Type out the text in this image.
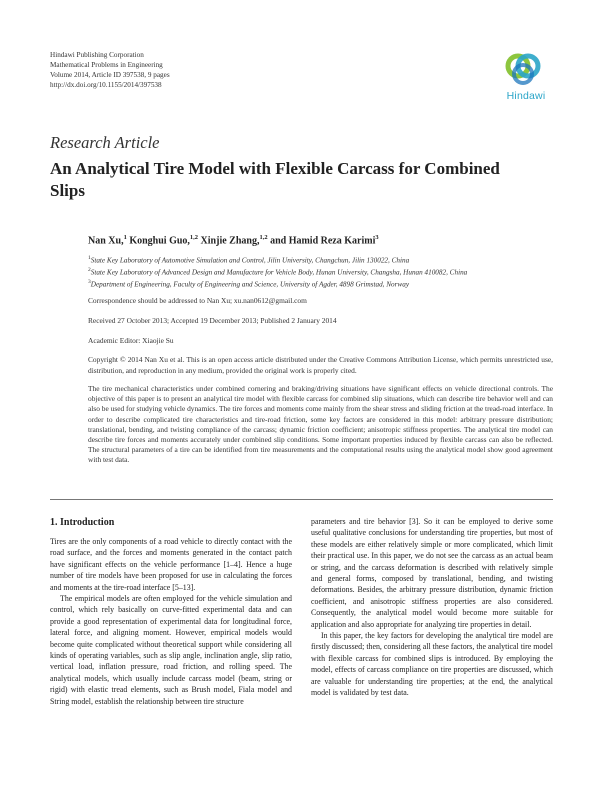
Hindawi Publishing Corporation
Mathematical Problems in Engineering
Volume 2014, Article ID 397538, 9 pages
http://dx.doi.org/10.1155/2014/397538
Hindawi
Research Article
An Analytical Tire Model with Flexible Carcass for Combined Slips
Nan Xu,$^1$ Konghui Guo,$^{1,2}$ Xinjie Zhang,$^{1,2}$ and Hamid Reza Karimi$^3$
$^1$State Key Laboratory of Automotive Simulation and Control, Jilin University, Changchun, Jilin 130022, China
$^2$State Key Laboratory of Advanced Design and Manufacture for Vehicle Body, Hunan University, Changsha, Hunan 410082, China
$^3$Department of Engineering, Faculty of Engineering and Science, University of Agder, 4898 Grimstad, Norway
Correspondence should be addressed to Nan Xu; xu.nan0612@gmail.com
Received 27 October 2013; Accepted 19 December 2013; Published 2 January 2014
Academic Editor: Xiaojie Su
Copyright © 2014 Nan Xu et al. This is an open access article distributed under the Creative Commons Attribution License, which permits unrestricted use, distribution, and reproduction in any medium, provided the original work is properly cited.
The tire mechanical characteristics under combined cornering and braking/driving situations have significant effects on vehicle directional controls. The objective of this paper is to present an analytical tire model with flexible carcass for combined slip situations, which can describe tire behavior well and can also be used for studying vehicle dynamics. The tire forces and moments come mainly from the shear stress and sliding friction at the tread-road interface. In order to describe complicated tire characteristics and tire-road friction, some key factors are considered in this model: arbitrary pressure distribution; translational, bending, and twisting compliance of the carcass; dynamic friction coefficient; anisotropic stiffness properties. The analytical tire model can describe tire forces and moments accurately under combined slip conditions. Some important properties induced by flexible carcass can also be reflected. The structural parameters of a tire can be identified from tire measurements and the computational results using the analytical model show good agreement with test data.
1. Introduction

Tires are the only components of a road vehicle to directly contact with the road surface, and the forces and moments generated in the contact patch have significant effects on the vehicle performance [1–4]. Hence a huge number of tire models have been proposed for use in calculating the forces and moments at the tire-road interface [5–13].

The empirical models are often employed for the vehicle simulation and control, which rely basically on curve-fitted experimental data and can provide a good representation of experimental data for longitudinal force, lateral force, and aligning moment. However, empirical models would become quite complicated without theoretical support while considering all kinds of operating variables, such as slip angle, inclination angle, slip ratio, vertical load, inflation pressure, road friction, and rolling speed. The analytical models, which usually include carcass model (beam, string or rigid) with elastic tread elements, such as Brush model, Fiala model and String model, establish the relationship between tire structure

parameters and tire behavior [3]. So it can be employed to derive some useful qualitative conclusions for understanding tire properties, but most of these models are either relatively simple or more complicated, which limit their practical use. In this paper, we do not see the carcass as an actual beam or string, and the carcass deformation is described with relatively simple and general forms, composed by translational, bending, and twisting deformations. Besides, the arbitrary pressure distribution, dynamic friction coefficient, and anisotropic stiffness properties are also considered. Consequently, the analytical model would become more suitable for application and also appropriate for analyzing tire properties in detail.

In this paper, the key factors for developing the analytical tire model are firstly discussed; then, considering all these factors, the analytical tire model with flexible carcass for combined slips is introduced. By employing the model, effects of carcass compliance on tire properties are discussed, which are valuable for understanding tire properties; at the end, the analytical model is validated by test data.
